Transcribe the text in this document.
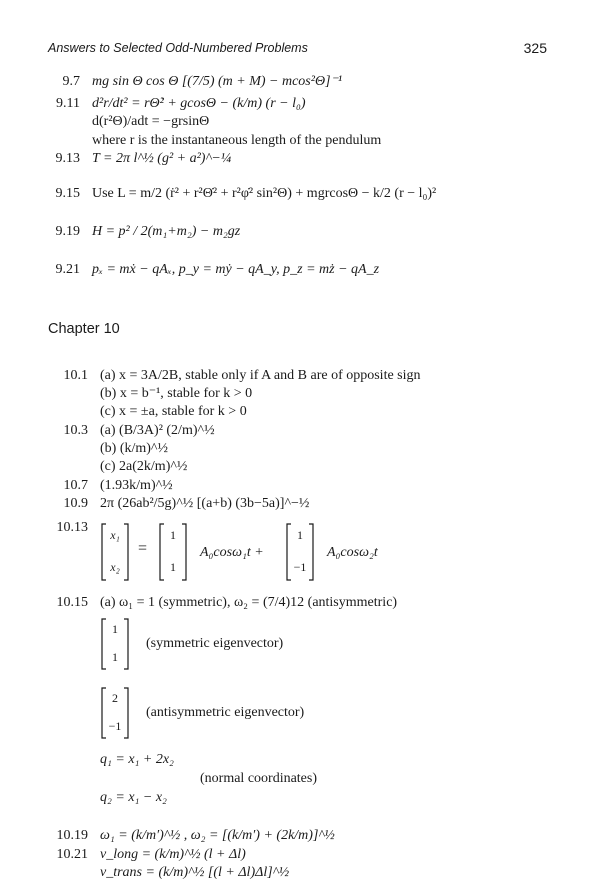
Answers to Selected Odd-Numbered Problems	325
9.7 mg sin Θ cos Θ [(7/5) (m + M) − mcos²Θ]⁻¹
9.11 d²r/dt² = rΘ̇² + gcosΘ − (k/m) (r − l₀)
d(r²Θ)/adt = −grsinΘ
where r is the instantaneous length of the pendulum
9.13 T = 2π l^½ (g² + a²)^−¼
9.15 Use L = m/2 (ṙ² + r²Θ̇² + r²φ̇² sin²Θ) + mgrcosΘ − k/2 (r − l₀)²
9.19 H = p² / 2(m₁+m₂) − m₂gz
9.21 pₓ = mẋ − qAₓ, p_y = mẏ − qA_y, p_z = mż − qA_z
Chapter 10
10.1 (a) x = 3A/2B, stable only if A and B are of opposite sign
(b) x = b⁻¹, stable for k > 0
(c) x = ±a, stable for k > 0
10.3 (a) (B/3A)² (2/m)^½
(b) (k/m)^½
(c) 2a(2k/m)^½
10.7 (1.93k/m)^½
10.9 2π (26ab²/5g)^½ [(a+b) (3b−5a)]^−½
10.13	x₁
x₂
=
1
1
A₀cosω₁t +
1
−1
A₀cosω₂t
10.15 (a) ω₁ = 1 (symmetric), ω₂ = (7/4)12 (antisymmetric)
1
1
(symmetric eigenvector)
2
−1
(antisymmetric eigenvector)
q₁ = x₁ + 2x₂
(normal coordinates)
q₂ = x₁ − x₂
10.19 ω₁ = (k/m′)^½ , ω₂ = [(k/m′) + (2k/m)]^½
10.21 v_long = (k/m)^½ (l + Δl)
v_trans = (k/m)^½ [(l + Δl)Δl]^½
